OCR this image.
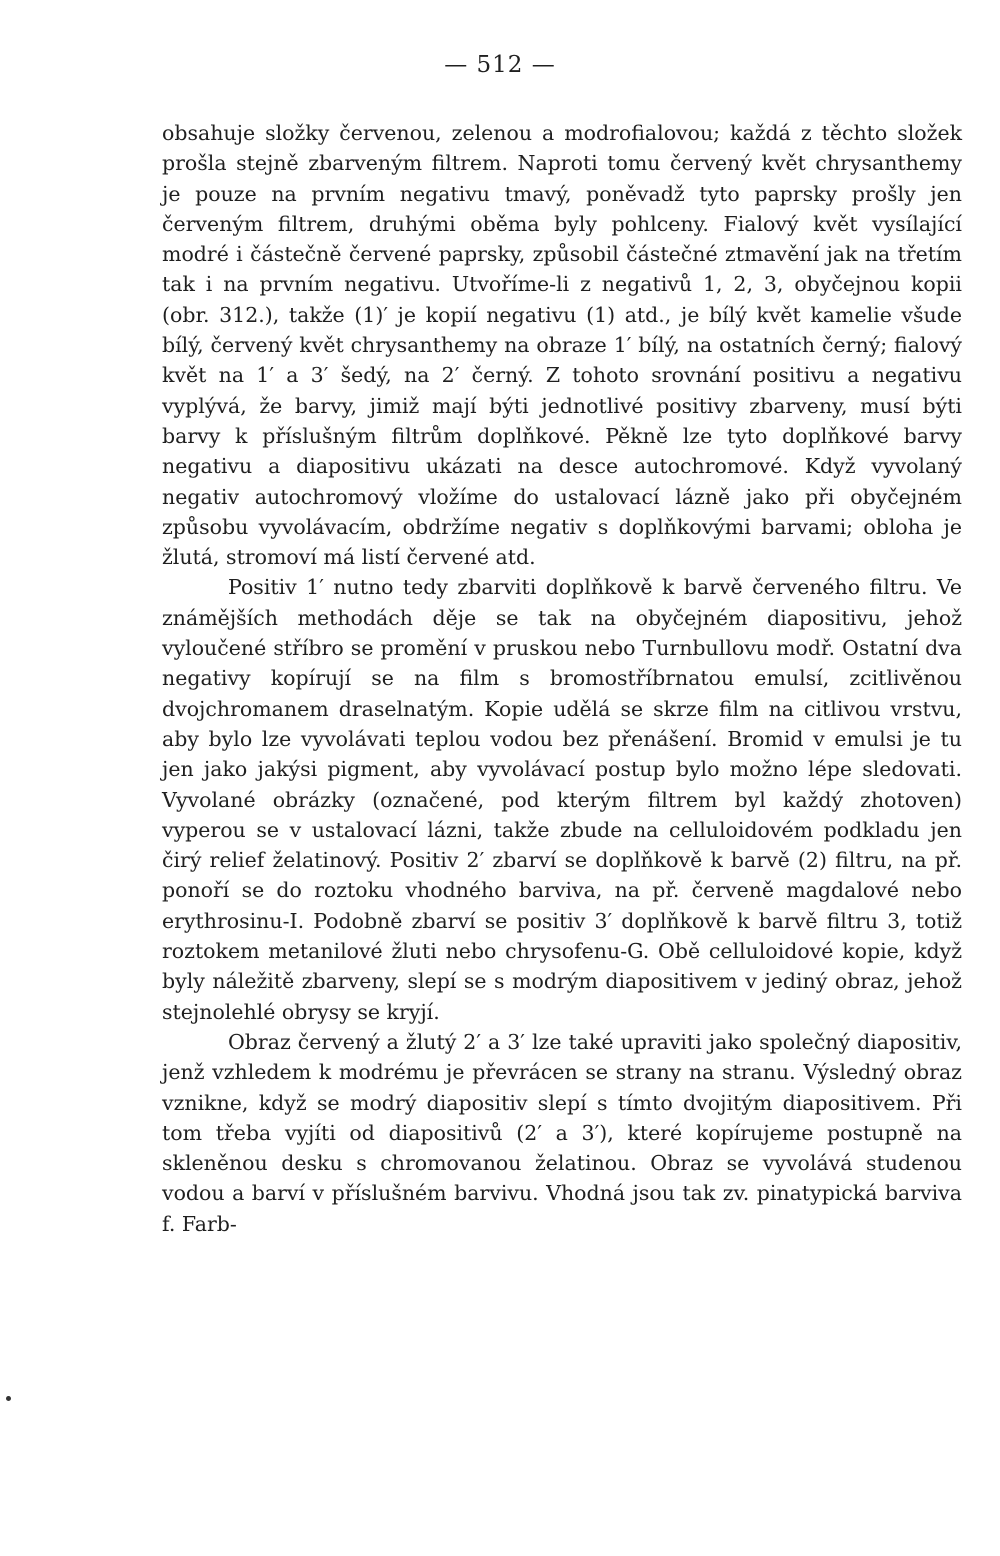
— 512 —

obsahuje složky červenou, zelenou a modrofialovou; každá z těchto složek prošla stejně zbarveným filtrem. Naproti tomu červený květ chrysanthemy je pouze na prvním negativu tmavý, poněvadž tyto paprsky prošly jen červeným filtrem, druhými oběma byly pohlceny. Fialový květ vysílající modré i částečně červené paprsky, způsobil částečné ztmavění jak na třetím tak i na prvním negativu. Utvoříme-li z negativů 1, 2, 3, obyčejnou kopii (obr. 312.), takže (1)′ je kopií negativu (1) atd., je bílý květ kamelie všude bílý, červený květ chrysanthemy na obraze 1′ bílý, na ostatních černý; fialový květ na 1′ a 3′ šedý, na 2′ černý. Z tohoto srovnání positivu a negativu vyplývá, že barvy, jimiž mají býti jednotlivé positivy zbarveny, musí býti barvy k příslušným filtrům doplňkové. Pěkně lze tyto doplňkové barvy negativu a diapositivu ukázati na desce autochromové. Když vyvolaný negativ autochromový vložíme do ustalovací lázně jako při obyčejném způsobu vyvolávacím, obdržíme negativ s doplňkovými barvami; obloha je žlutá, stromoví má listí červené atd.

Positiv 1′ nutno tedy zbarviti doplňkově k barvě červeného filtru. Ve známějších methodách děje se tak na obyčejném diapositivu, jehož vyloučené stříbro se promění v pruskou nebo Turnbullovu modř. Ostatní dva negativy kopírují se na film s bromostříbrnatou emulsí, zcitlivěnou dvojchromanem draselnatým. Kopie udělá se skrze film na citlivou vrstvu, aby bylo lze vyvolávati teplou vodou bez přenášení. Bromid v emulsi je tu jen jako jakýsi pigment, aby vyvolávací postup bylo možno lépe sledovati. Vyvolané obrázky (označené, pod kterým filtrem byl každý zhotoven) vyperou se v ustalovací lázni, takže zbude na celluloidovém podkladu jen čirý relief želatinový. Positiv 2′ zbarví se doplňkově k barvě (2) filtru, na př. ponoří se do roztoku vhodného barviva, na př. červeně magdalové nebo erythrosinu-I. Podobně zbarví se positiv 3′ doplňkově k barvě filtru 3, totiž roztokem metanilové žluti nebo chrysofenu-G. Obě celluloidové kopie, když byly náležitě zbarveny, slepí se s modrým diapositivem v jediný obraz, jehož stejnolehlé obrysy se kryjí.

Obraz červený a žlutý 2′ a 3′ lze také upraviti jako společný diapositiv, jenž vzhledem k modrému je převrácen se strany na stranu. Výsledný obraz vznikne, když se modrý diapositiv slepí s tímto dvojitým diapositivem. Při tom třeba vyjíti od diapositivů (2′ a 3′), které kopírujeme postupně na skleněnou desku s chromovanou želatinou. Obraz se vyvolává studenou vodou a barví v příslušném barvivu. Vhodná jsou tak zv. pinatypická barviva f. Farb-
